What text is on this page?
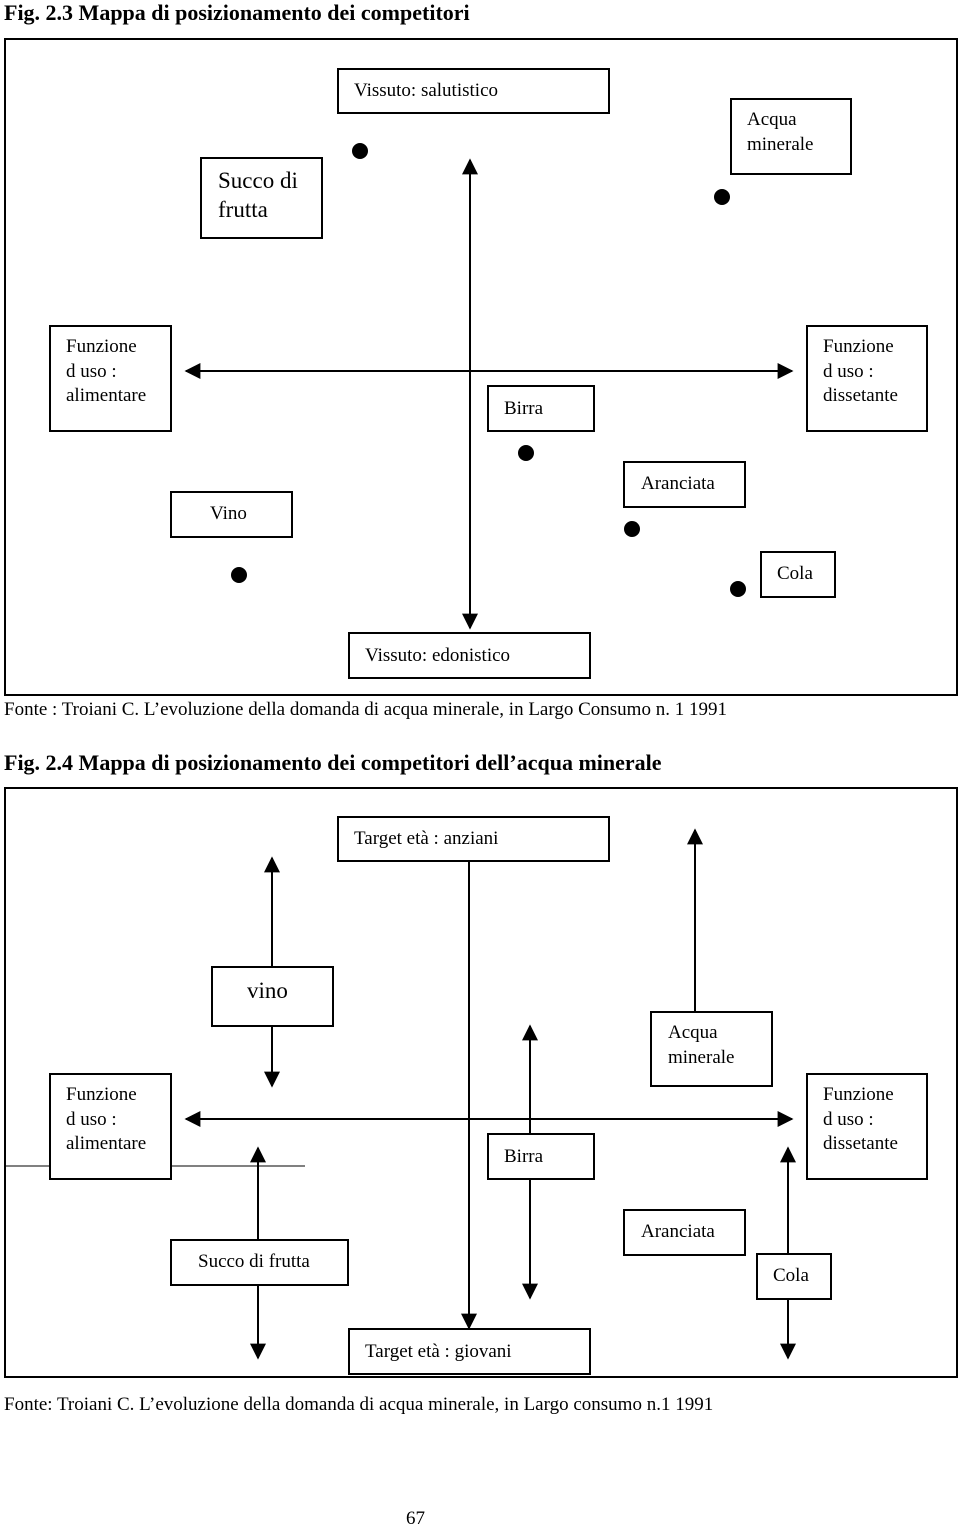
Fig. 2.3 Mappa di posizionamento dei competitori
Vissuto: salutistico
Succo di
frutta
Acqua
minerale
Funzione
d uso :
alimentare
Funzione
d uso :
dissetante
Birra
Aranciata
Vino
Cola
Vissuto: edonistico
Fonte : Troiani C. L’evoluzione della domanda di acqua minerale, in Largo Consumo n. 1 1991
Fig. 2.4 Mappa di posizionamento dei competitori dell’acqua minerale
Target età : anziani
vino
Acqua
minerale
Funzione
d uso :
alimentare
Funzione
d uso :
dissetante
Birra
Aranciata
Succo di frutta
Cola
Target età : giovani
Fonte: Troiani C. L’evoluzione della domanda di acqua minerale, in Largo consumo n.1 1991
67
